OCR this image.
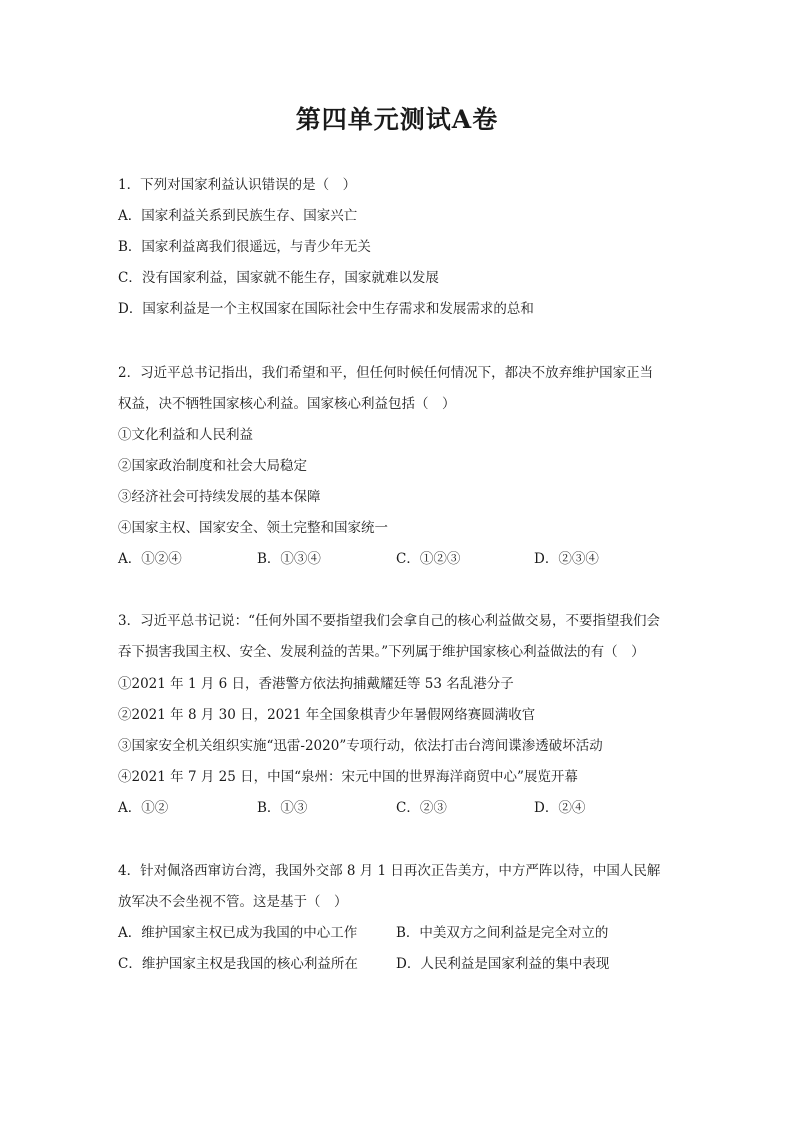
第四单元测试A卷
1．下列对国家利益认识错误的是（　）
A．国家利益关系到民族生存、国家兴亡
B．国家利益离我们很遥远，与青少年无关
C．没有国家利益，国家就不能生存，国家就难以发展
D．国家利益是一个主权国家在国际社会中生存需求和发展需求的总和
2．习近平总书记指出，我们希望和平，但任何时候任何情况下，都决不放弃维护国家正当
权益，决不牺牲国家核心利益。国家核心利益包括（　）
①文化利益和人民利益
②国家政治制度和社会大局稳定
③经济社会可持续发展的基本保障
④国家主权、国家安全、领土完整和国家统一
A．①②④	B．①③④	C．①②③	D．②③④
3．习近平总书记说：“任何外国不要指望我们会拿自己的核心利益做交易，不要指望我们会
吞下损害我国主权、安全、发展利益的苦果。”下列属于维护国家核心利益做法的有（　）
①2021 年 1 月 6 日，香港警方依法拘捕戴耀廷等 53 名乱港分子
②2021 年 8 月 30 日，2021 年全国象棋青少年暑假网络赛圆满收官
③国家安全机关组织实施“迅雷-2020”专项行动，依法打击台湾间谍渗透破坏活动
④2021 年 7 月 25 日，中国“泉州：宋元中国的世界海洋商贸中心”展览开幕
A．①②	B．①③	C．②③	D．②④
4．针对佩洛西窜访台湾，我国外交部 8 月 1 日再次正告美方，中方严阵以待，中国人民解
放军决不会坐视不管。这是基于（　）
A．维护国家主权已成为我国的中心工作	B．中美双方之间利益是完全对立的
C．维护国家主权是我国的核心利益所在	D．人民利益是国家利益的集中表现
